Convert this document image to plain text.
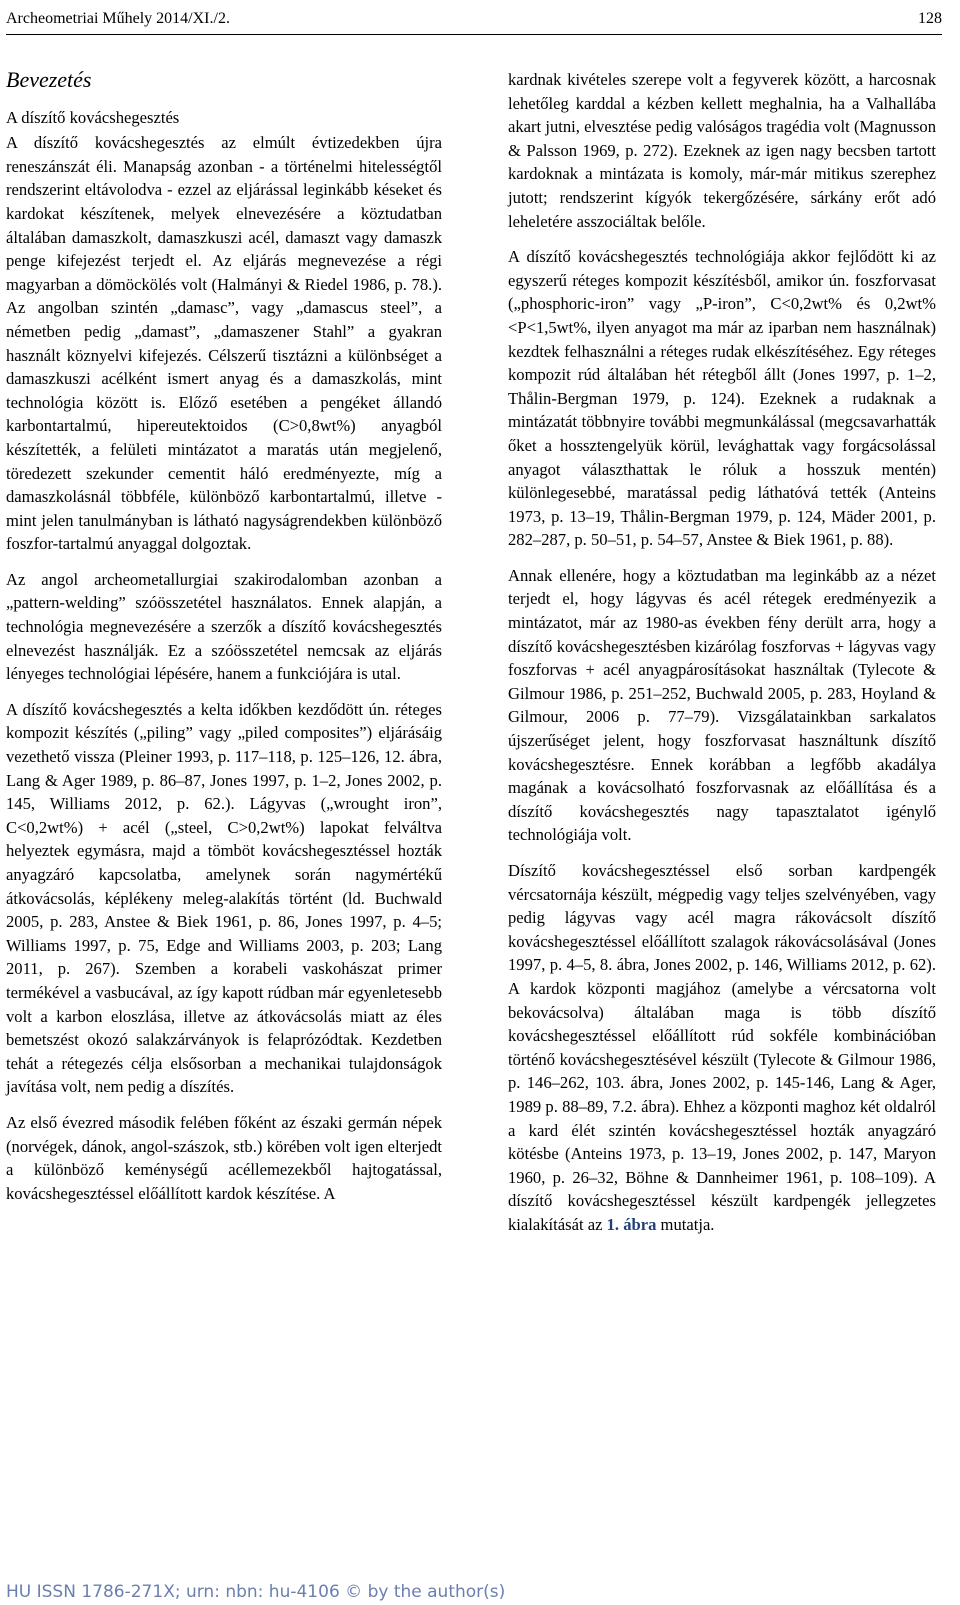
Archeometriai Műhely 2014/XI./2.	128
Bevezetés
A díszítő kovácshegesztés

A díszítő kovácshegesztés az elmúlt évtizedekben újra reneszánszát éli. Manapság azonban - a történelmi hitelességtől rendszerint eltávolodva - ezzel az eljárással leginkább késeket és kardokat készítenek, melyek elnevezésére a köztudatban általában damaszkolt, damaszkuszi acél, damaszt vagy damaszk penge kifejezést terjedt el. Az eljárás megnevezése a régi magyarban a dömöckölés volt (Halmányi & Riedel 1986, p. 78.). Az angolban szintén „damasc”, vagy „damascus steel”, a németben pedig „damast”, „damaszener Stahl” a gyakran használt köznyelvi kifejezés. Célszerű tisztázni a különbséget a damaszkuszi acélként ismert anyag és a damaszkolás, mint technológia között is. Előző esetében a pengéket állandó karbontartalmú, hipereutektoidos (C>0,8wt%) anyagból készítették, a felületi mintázatot a maratás után megjelenő, töredezett szekunder cementit háló eredményezte, míg a damaszkolásnál többféle, különböző karbontartalmú, illetve - mint jelen tanulmányban is látható nagyságrendekben különböző foszfor-tartalmú anyaggal dolgoztak.

Az angol archeometallurgiai szakirodalomban azonban a „pattern-welding” szóösszetétel használatos. Ennek alapján, a technológia megnevezésére a szerzők a díszítő kovácshegesztés elnevezést használják. Ez a szóösszetétel nemcsak az eljárás lényeges technológiai lépésére, hanem a funkciójára is utal.

A díszítő kovácshegesztés a kelta időkben kezdődött ún. réteges kompozit készítés („piling” vagy „piled composites”) eljárásáig vezethető vissza (Pleiner 1993, p. 117–118, p. 125–126, 12. ábra, Lang & Ager 1989, p. 86–87, Jones 1997, p. 1–2, Jones 2002, p. 145, Williams 2012, p. 62.). Lágyvas („wrought iron”, C<0,2wt%) + acél („steel, C>0,2wt%) lapokat felváltva helyeztek egymásra, majd a tömböt kovácshegesztéssel hozták anyagzáró kapcsolatba, amelynek során nagymértékű átkovácsolás, képlékeny meleg-alakítás történt (ld. Buchwald 2005, p. 283, Anstee & Biek 1961, p. 86, Jones 1997, p. 4–5; Williams 1997, p. 75, Edge and Williams 2003, p. 203; Lang 2011, p. 267). Szemben a korabeli vaskohászat primer termékével a vasbucával, az így kapott rúdban már egyenletesebb volt a karbon eloszlása, illetve az átkovácsolás miatt az éles bemetszést okozó salakzárványok is felaprózódtak. Kezdetben tehát a rétegezés célja elsősorban a mechanikai tulajdonságok javítása volt, nem pedig a díszítés.

Az első évezred második felében főként az északi germán népek (norvégek, dánok, angol-szászok, stb.) körében volt igen elterjedt a különböző keménységű acéllemezekből hajtogatással, kovácshegesztéssel előállított kardok készítése. A

kardnak kivételes szerepe volt a fegyverek között, a harcosnak lehetőleg karddal a kézben kellett meghalnia, ha a Valhallába akart jutni, elvesztése pedig valóságos tragédia volt (Magnusson & Palsson 1969, p. 272). Ezeknek az igen nagy becsben tartott kardoknak a mintázata is komoly, már-már mitikus szerephez jutott; rendszerint kígyók tekergőzésére, sárkány erőt adó leheletére asszociáltak belőle.

A díszítő kovácshegesztés technológiája akkor fejlődött ki az egyszerű réteges kompozit készítésből, amikor ún. foszforvasat („phosphoric-iron” vagy „P-iron”, C<0,2wt% és 0,2wt%<P<1,5wt%, ilyen anyagot ma már az iparban nem használnak) kezdtek felhasználni a réteges rudak elkészítéséhez. Egy réteges kompozit rúd általában hét rétegből állt (Jones 1997, p. 1–2, Thålin-Bergman 1979, p. 124). Ezeknek a rudaknak a mintázatát többnyire további megmunkálással (megcsavarhatták őket a hossztengelyük körül, levághattak vagy forgácsolással anyagot választhattak le róluk a hosszuk mentén) különlegesebbé, maratással pedig láthatóvá tették (Anteins 1973, p. 13–19, Thålin-Bergman 1979, p. 124, Mäder 2001, p. 282–287, p. 50–51, p. 54–57, Anstee & Biek 1961, p. 88).

Annak ellenére, hogy a köztudatban ma leginkább az a nézet terjedt el, hogy lágyvas és acél rétegek eredményezik a mintázatot, már az 1980-as években fény derült arra, hogy a díszítő kovácshegesztésben kizárólag foszforvas + lágyvas vagy foszforvas + acél anyagpárosításokat használtak (Tylecote & Gilmour 1986, p. 251–252, Buchwald 2005, p. 283, Hoyland & Gilmour, 2006 p. 77–79). Vizsgálatainkban sarkalatos újszerűséget jelent, hogy foszforvasat használtunk díszítő kovácshegesztésre. Ennek korábban a legfőbb akadálya magának a kovácsolható foszforvasnak az előállítása és a díszítő kovácshegesztés nagy tapasztalatot igénylő technológiája volt.

Díszítő kovácshegesztéssel első sorban kardpengék vércsatornája készült, mégpedig vagy teljes szelvényében, vagy pedig lágyvas vagy acél magra rákovácsolt díszítő kovácshegesztéssel előállított szalagok rákovácsolásával (Jones 1997, p. 4–5, 8. ábra, Jones 2002, p. 146, Williams 2012, p. 62). A kardok központi magjához (amelybe a vércsatorna volt bekovácsolva) általában maga is több díszítő kovácshegesztéssel előállított rúd sokféle kombinációban történő kovácshegesztésével készült (Tylecote & Gilmour 1986, p. 146–262, 103. ábra, Jones 2002, p. 145-146, Lang & Ager, 1989 p. 88–89, 7.2. ábra). Ehhez a központi maghoz két oldalról a kard élét szintén kovácshegesztéssel hozták anyagzáró kötésbe (Anteins 1973, p. 13–19, Jones 2002, p. 147, Maryon 1960, p. 26–32, Böhne & Dannheimer 1961, p. 108–109). A díszítő kovácshegesztéssel készült kardpengék jellegzetes kialakítását az 1. ábra mutatja.

HU ISSN 1786-271X; urn: nbn: hu-4106 © by the author(s)
